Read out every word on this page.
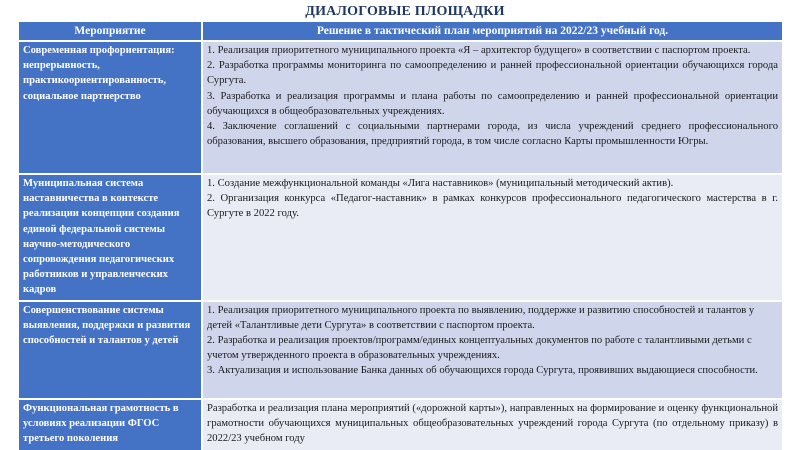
ДИАЛОГОВЫЕ ПЛОЩАДКИ
Мероприятие	Решение в тактический план мероприятий на 2022/23 учебный год.
Современная профориентация: непрерывность, практикоориентированность, социальное партнерство	1. Реализация приоритетного муниципального проекта «Я – архитектор будущего» в соответствии с паспортом проекта.

2. Разработка программы мониторинга по самоопределению и ранней профессиональной ориентации обучающихся города Сургута.

3. Разработка и реализация программы и плана работы по самоопределению и ранней профессиональной ориентации обучающихся в общеобразовательных учреждениях.

4. Заключение соглашений с социальными партнерами города, из числа учреждений среднего профессионального образования, высшего образования, предприятий города, в том числе согласно Карты промышленности Югры.

Муниципальная система наставничества в контексте реализации концепции создания единой федеральной системы научно-методического сопровождения педагогических работников и управленческих кадров	1. Создание межфункциональной команды «Лига наставников» (муниципальный методический актив).

2. Организация конкурса «Педагог-наставник» в рамках конкурсов профессионального педагогического мастерства в г. Сургуте в 2022 году.

Совершенствование системы выявления, поддержки и развития способностей и талантов у детей	1. Реализация приоритетного муниципального проекта по выявлению, поддержке и развитию способностей и талантов у детей «Талантливые дети Сургута» в соответствии с паспортом проекта.

2. Разработка и реализация проектов/программ/единых концептуальных документов по работе с талантливыми детьми с учетом утвержденного проекта в образовательных учреждениях.

3. Актуализация и использование Банка данных об обучающихся города Сургута, проявивших выдающиеся способности.

Функциональная грамотность в условиях реализации ФГОС третьего поколения	Разработка и реализация плана мероприятий («дорожной карты»), направленных на формирование и оценку функциональной грамотности обучающихся муниципальных общеобразовательных учреждений города Сургута (по отдельному приказу) в 2022/23 учебном году
